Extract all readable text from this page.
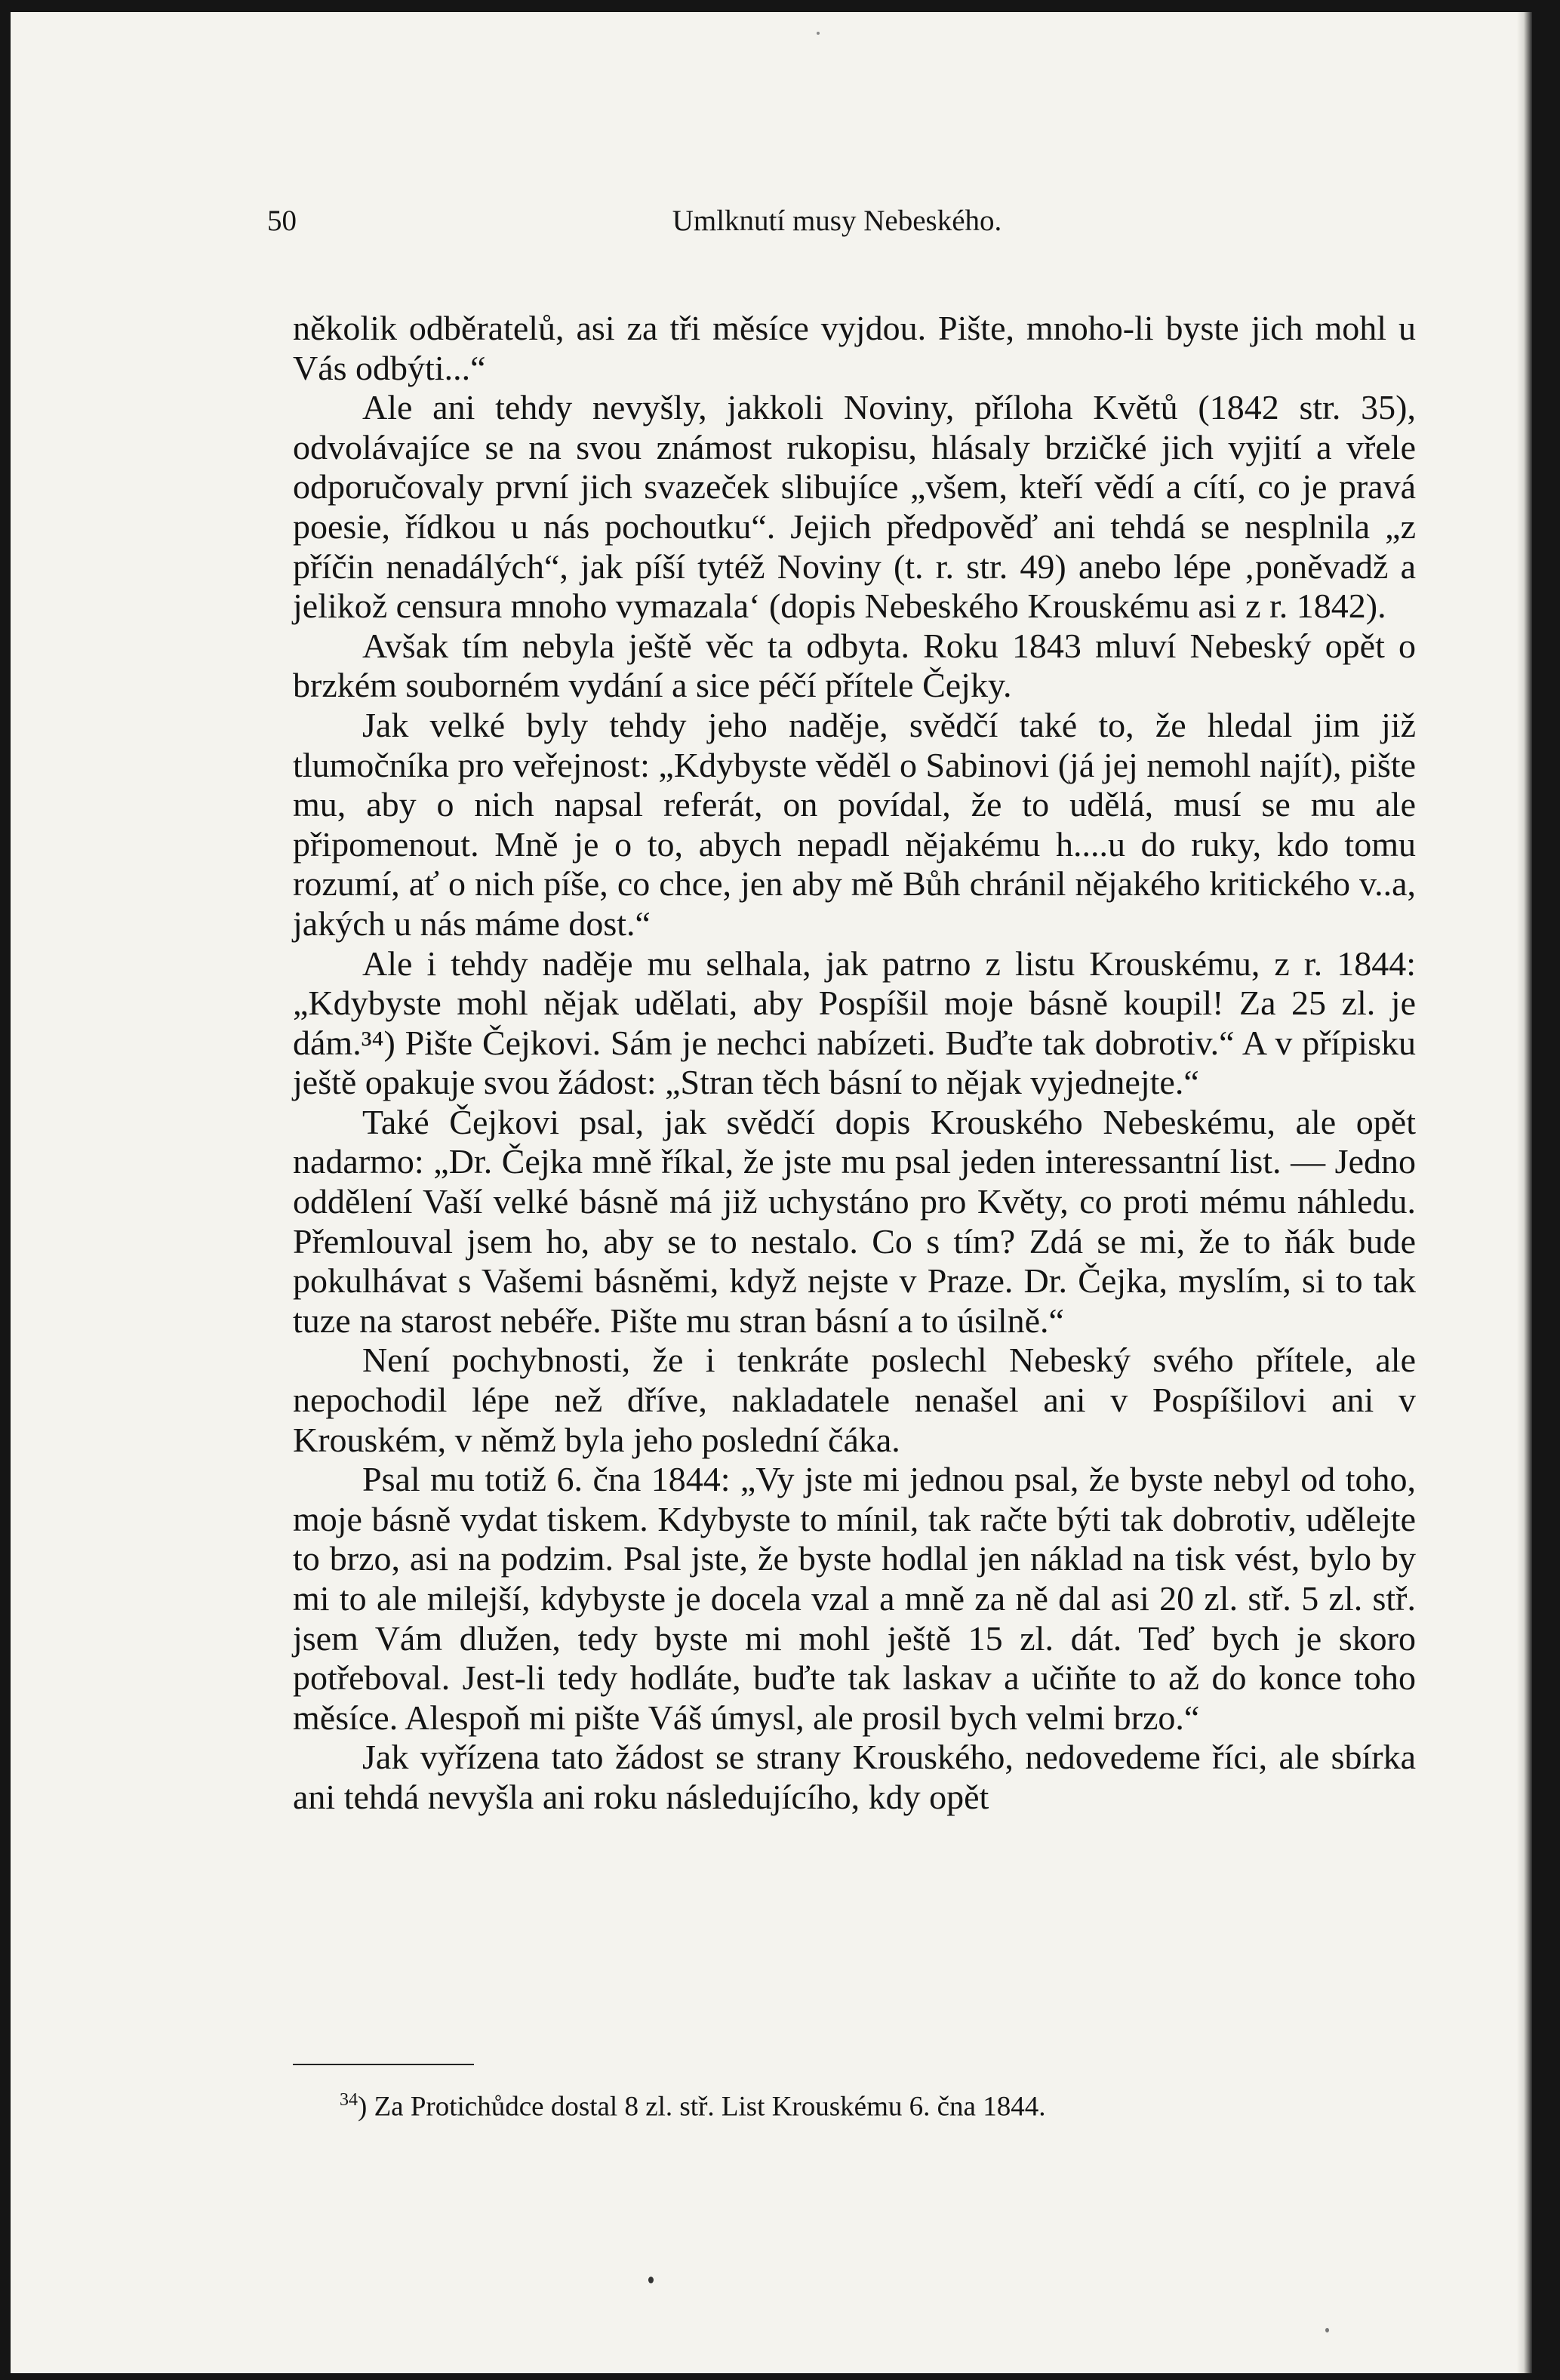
50	Umlknutí musy Nebeského.

několik odběratelů, asi za tři měsíce vyjdou. Pište, mnoho-li byste jich mohl u Vás odbýti...“

Ale ani tehdy nevyšly, jakkoli Noviny, příloha Květů (1842 str. 35), odvolávajíce se na svou známost rukopisu, hlásaly brzičké jich vyjití a vřele odporučovaly první jich svazeček slibujíce „všem, kteří vědí a cítí, co je pravá poesie, řídkou u nás pochoutku“. Jejich předpověď ani tehdá se nesplnila „z příčin nenadálých“, jak píší tytéž Noviny (t. r. str. 49) anebo lépe ‚poněvadž a jelikož censura mnoho vymazala‘ (dopis Nebeského Krouskému asi z r. 1842).

Avšak tím nebyla ještě věc ta odbyta. Roku 1843 mluví Nebeský opět o brzkém souborném vydání a sice péčí přítele Čejky.

Jak velké byly tehdy jeho naděje, svědčí také to, že hledal jim již tlumočníka pro veřejnost: „Kdybyste věděl o Sabinovi (já jej nemohl najít), pište mu, aby o nich napsal referát, on povídal, že to udělá, musí se mu ale připomenout. Mně je o to, abych nepadl nějakému h....u do ruky, kdo tomu rozumí, ať o nich píše, co chce, jen aby mě Bůh chránil nějakého kritického v..a, jakých u nás máme dost.“

Ale i tehdy naděje mu selhala, jak patrno z listu Krouskému, z r. 1844: „Kdybyste mohl nějak udělati, aby Pospíšil moje básně koupil! Za 25 zl. je dám.³⁴) Pište Čejkovi. Sám je nechci nabízeti. Buďte tak dobrotiv.“ A v přípisku ještě opakuje svou žádost: „Stran těch básní to nějak vyjednejte.“

Také Čejkovi psal, jak svědčí dopis Krouského Nebeskému, ale opět nadarmo: „Dr. Čejka mně říkal, že jste mu psal jeden interessantní list. — Jedno oddělení Vaší velké básně má již uchystáno pro Květy, co proti mému náhledu. Přemlouval jsem ho, aby se to nestalo. Co s tím? Zdá se mi, že to ňák bude pokulhávat s Vašemi básněmi, když nejste v Praze. Dr. Čejka, myslím, si to tak tuze na starost nebéře. Pište mu stran básní a to úsilně.“

Není pochybnosti, že i tenkráte poslechl Nebeský svého přítele, ale nepochodil lépe než dříve, nakladatele nenašel ani v Pospíšilovi ani v Krouském, v němž byla jeho poslední čáka.

Psal mu totiž 6. čna 1844: „Vy jste mi jednou psal, že byste nebyl od toho, moje básně vydat tiskem. Kdybyste to mínil, tak račte býti tak dobrotiv, udělejte to brzo, asi na podzim. Psal jste, že byste hodlal jen náklad na tisk vést, bylo by mi to ale milejší, kdybyste je docela vzal a mně za ně dal asi 20 zl. stř. 5 zl. stř. jsem Vám dlužen, tedy byste mi mohl ještě 15 zl. dát. Teď bych je skoro potřeboval. Jest-li tedy hodláte, buďte tak laskav a učiňte to až do konce toho měsíce. Alespoň mi pište Váš úmysl, ale prosil bych velmi brzo.“

Jak vyřízena tato žádost se strany Krouského, nedovedeme říci, ale sbírka ani tehdá nevyšla ani roku následujícího, kdy opět

$^{34}$) Za Protichůdce dostal 8 zl. stř. List Krouskému 6. čna 1844.
